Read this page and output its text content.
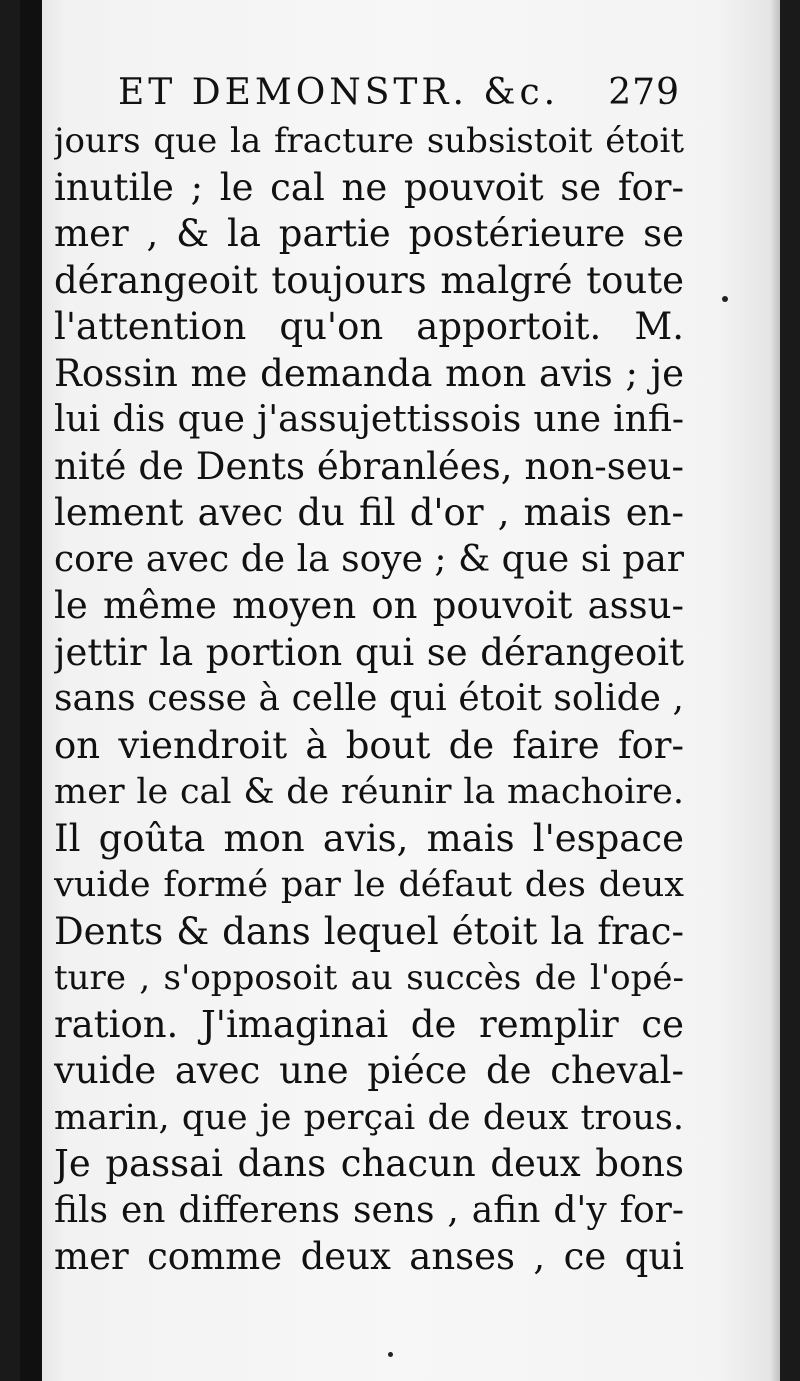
ET DEMONSTR. &c. 279
jours que la fracture subsistoit étoit
inutile ; le cal ne pouvoit se for-
mer , & la partie postérieure se
dérangeoit toujours malgré toute
l'attention qu'on apportoit. M.
Rossin me demanda mon avis ; je
lui dis que j'assujettissois une infi-
nité de Dents ébranlées, non-seu-
lement avec du fil d'or , mais en-
core avec de la soye ; & que si par
le même moyen on pouvoit assu-
jettir la portion qui se dérangeoit
sans cesse à celle qui étoit solide ,
on viendroit à bout de faire for-
mer le cal & de réunir la machoire.
Il goûta mon avis, mais l'espace
vuide formé par le défaut des deux
Dents & dans lequel étoit la frac-
ture , s'opposoit au succès de l'opé-
ration. J'imaginai de remplir ce
vuide avec une piéce de cheval-
marin, que je perçai de deux trous.
Je passai dans chacun deux bons
fils en differens sens , afin d'y for-
mer comme deux anses , ce qui
